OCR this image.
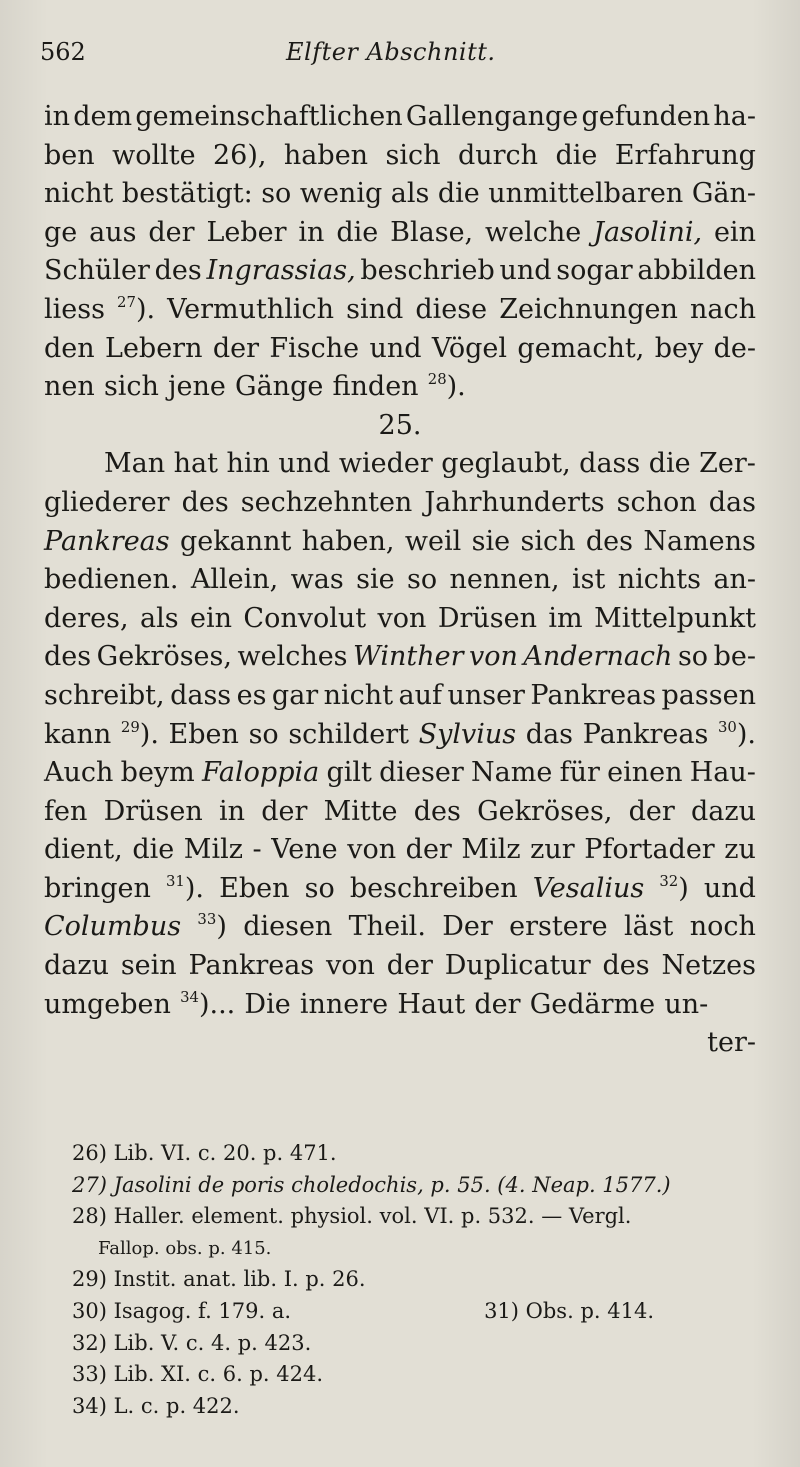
562	Elfter Abschnitt.
in dem gemeinschaftlichen Gallengange gefunden ha-
ben wollte 26), haben sich durch die Erfahrung
nicht bestätigt: so wenig als die unmittelbaren Gän-
ge aus der Leber in die Blase, welche Jasolini, ein
Schüler des Ingrassias, beschrieb und sogar abbilden
liess $^{27}$). Vermuthlich sind diese Zeichnungen nach
den Lebern der Fische und Vögel gemacht, bey de-
nen sich jene Gänge finden $^{28}$).
25.
Man hat hin und wieder geglaubt, dass die Zer-
gliederer des sechzehnten Jahrhunderts schon das
Pankreas gekannt haben, weil sie sich des Namens
bedienen. Allein, was sie so nennen, ist nichts an-
deres, als ein Convolut von Drüsen im Mittelpunkt
des Gekröses, welches Winther von Andernach so be-
schreibt, dass es gar nicht auf unser Pankreas passen
kann $^{29}$). Eben so schildert Sylvius das Pankreas $^{30}$).
Auch beym Faloppia gilt dieser Name für einen Hau-
fen Drüsen in der Mitte des Gekröses, der dazu
dient, die Milz - Vene von der Milz zur Pfortader zu
bringen $^{31}$). Eben so beschreiben Vesalius $^{32}$) und
Columbus $^{33}$) diesen Theil. Der erstere läst noch
dazu sein Pankreas von der Duplicatur des Netzes
umgeben $^{34}$)... Die innere Haut der Gedärme un-
ter-
26) Lib. VI. c. 20. p. 471.
27) Jasolini de poris choledochis, p. 55. (4. Neap. 1577.)
28) Haller. element. physiol. vol. VI. p. 532. — Vergl.
Fallop. obs. p. 415.
29) Instit. anat. lib. I. p. 26.
30) Isagog. f. 179. a.	31) Obs. p. 414.
32) Lib. V. c. 4. p. 423.
33) Lib. XI. c. 6. p. 424.
34) L. c. p. 422.
